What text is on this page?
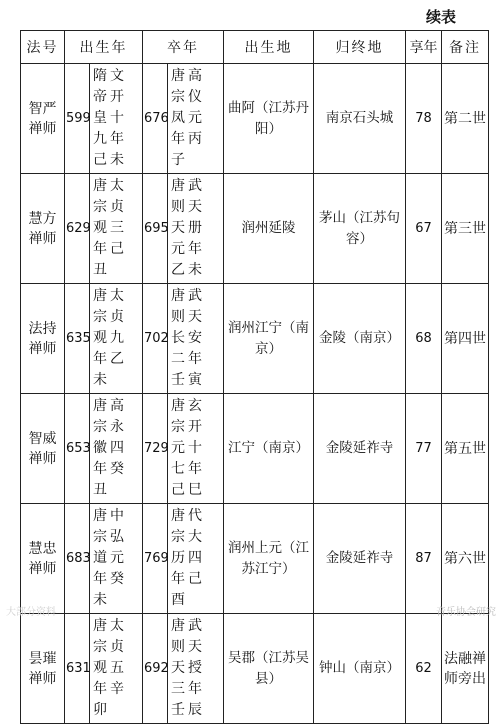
续表
法号	出生年		卒年		出生地	归终地	享年	备注
智严禅师	599	隋文帝开皇十九年己未	676	唐高宗仪凤元年丙子	曲阿（江苏丹阳）	南京石头城	78	第二世
慧方禅师	629	唐太宗贞观三年己丑	695	唐武则天天册元年乙未	润州延陵	茅山（江苏句容）	67	第三世
法持禅师	635	唐太宗贞观九年乙未	702	唐武则天长安二年壬寅	润州江宁（南京）	金陵（南京）	68	第四世
智威禅师	653	唐高宗永徽四年癸丑	729	唐玄宗开元十七年己巳	江宁（南京）	金陵延祚寺	77	第五世
慧忠禅师	683	唐中宗弘道元年癸未	769	唐代宗大历四年己酉	润州上元（江苏江宁）	金陵延祚寺	87	第六世
昙璀禅师	631	唐太宗贞观五年辛卯	692	唐武则天天授三年壬辰	吴郡（江苏吴县）	钟山（南京）	62	法融禅师旁出
大部分资料	音乐协会研究
